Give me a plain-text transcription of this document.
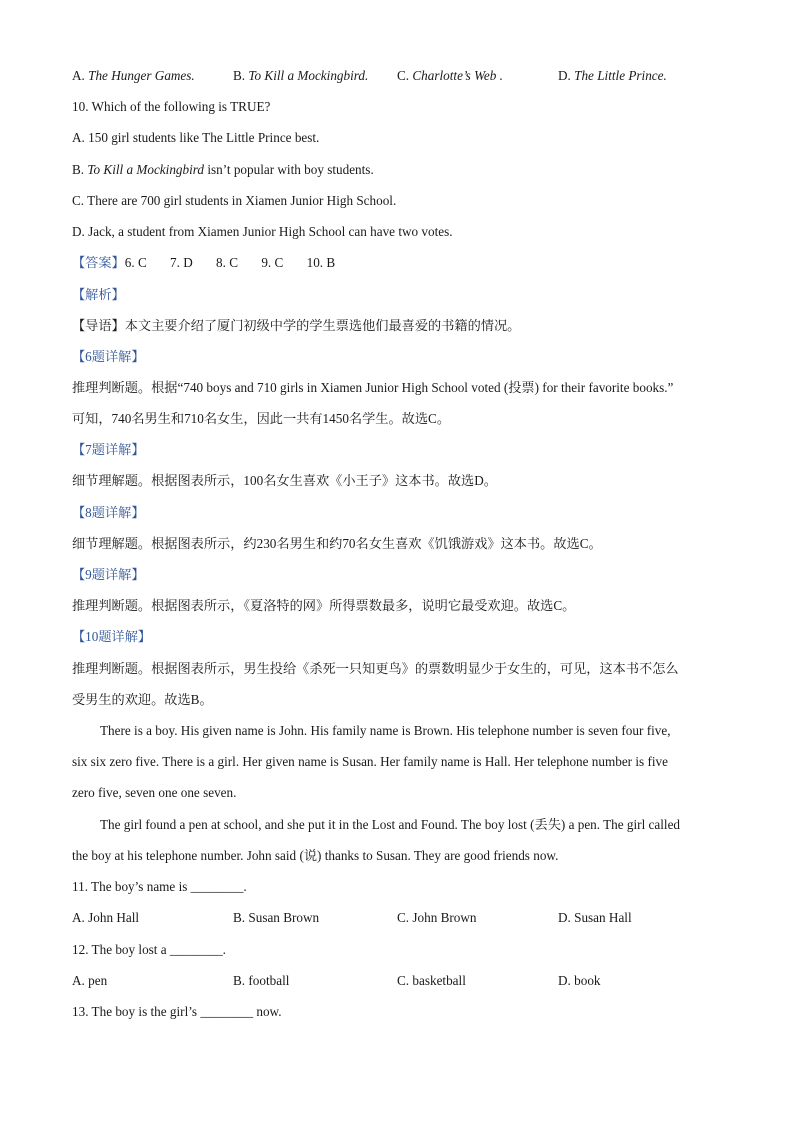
A. The Hunger Games.	B. To Kill a Mockingbird. C. Charlotte’s Web .	D. The Little Prince.
10. Which of the following is TRUE?
A. 150 girl students like The Little Prince best.
B. To Kill a Mockingbird isn’t popular with boy students.
C. There are 700 girl students in Xiamen Junior High School.
D. Jack, a student from Xiamen Junior High School can have two votes.
【答案】6. C 7. D 8. C 9. C 10. B
【解析】
【导语】本文主要介绍了厦门初级中学的学生票选他们最喜爱的书籍的情况。
【6题详解】
推理判断题。根据“740 boys and 710 girls in Xiamen Junior High School voted (投票) for their favorite books.”
可知，740名男生和710名女生，因此一共有1450名学生。故选C。
【7题详解】
细节理解题。根据图表所示，100名女生喜欢《小王子》这本书。故选D。
【8题详解】
细节理解题。根据图表所示，约230名男生和约70名女生喜欢《饥饿游戏》这本书。故选C。
【9题详解】
推理判断题。根据图表所示，《夏洛特的网》所得票数最多，说明它最受欢迎。故选C。
【10题详解】
推理判断题。根据图表所示，男生投给《杀死一只知更鸟》的票数明显少于女生的，可见，这本书不怎么
受男生的欢迎。故选B。
There is a boy. His given name is John. His family name is Brown. His telephone number is seven four five,
six six zero five. There is a girl. Her given name is Susan. Her family name is Hall. Her telephone number is five
zero five, seven one one seven.
The girl found a pen at school, and she put it in the Lost and Found. The boy lost (丢失) a pen. The girl called
the boy at his telephone number. John said (说) thanks to Susan. They are good friends now.
11. The boy’s name is ________.
A. John Hall	B. Susan Brown	C. John Brown	D. Susan Hall
12. The boy lost a ________.
A. pen	B. football	C. basketball	D. book
13. The boy is the girl’s ________ now.
